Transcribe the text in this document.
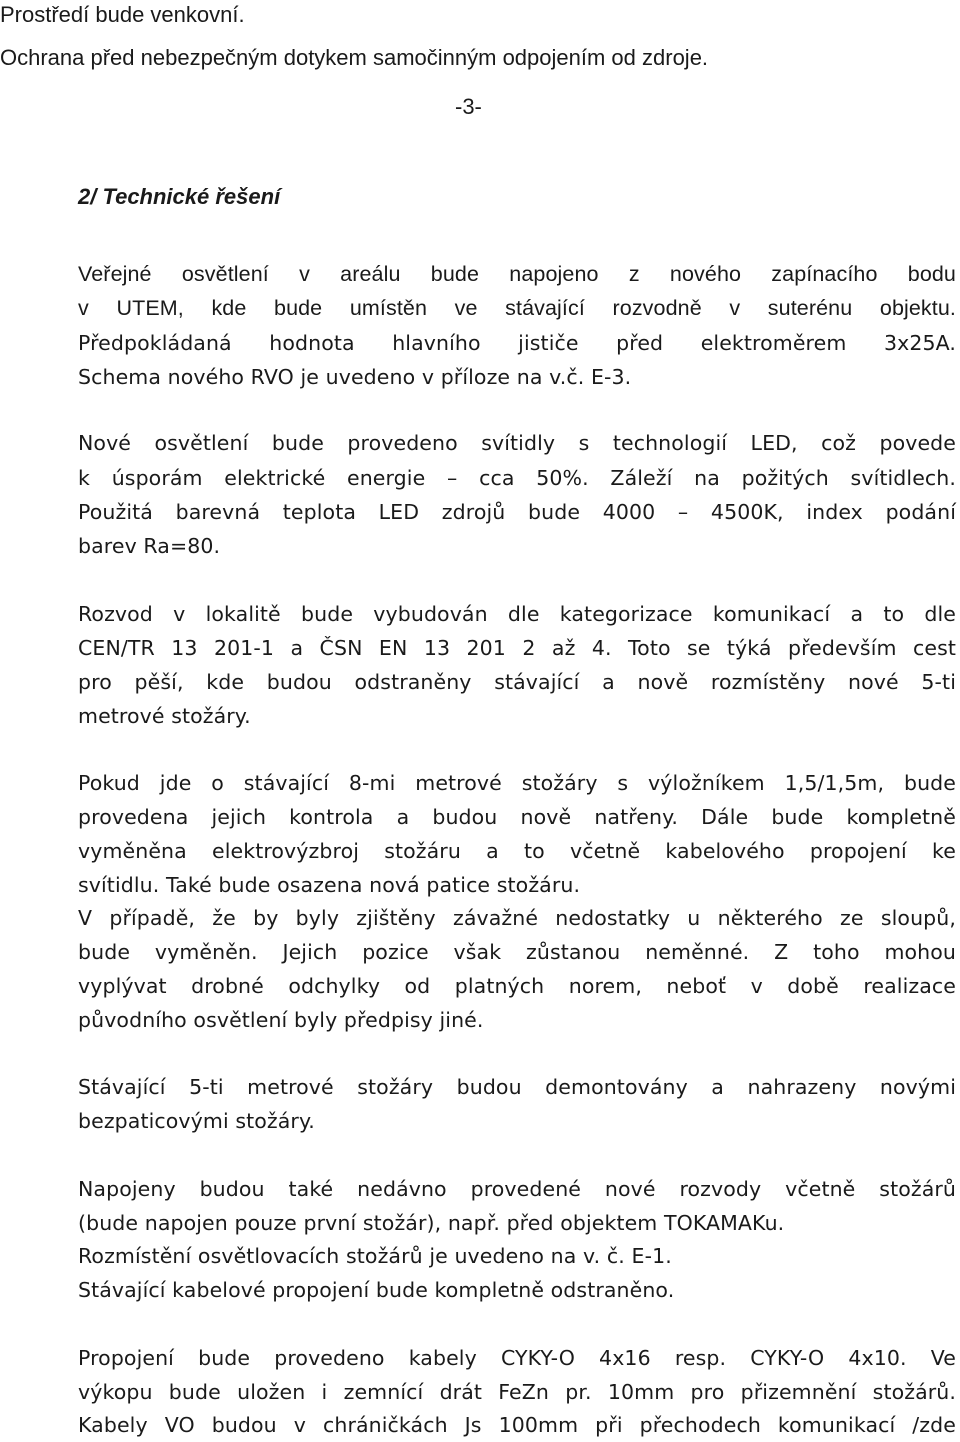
Prostředí bude venkovní.
Ochrana před nebezpečným dotykem samočinným odpojením od zdroje.
-3-
2/ Technické řešení
Veřejné osvětlení v areálu bude napojeno z nového zapínacího bodu
v UTEM, kde bude umístěn ve stávající rozvodně v suterénu objektu.
Předpokládaná hodnota hlavního jističe před elektroměrem 3x25A.
Schema nového RVO je uvedeno v příloze na v.č. E-3.
Nové osvětlení bude provedeno svítidly s technologií LED, což povede
k úsporám elektrické energie – cca 50%. Záleží na požitých svítidlech.
Použitá barevná teplota LED zdrojů bude 4000 – 4500K, index podání
barev Ra=80.
Rozvod v lokalitě bude vybudován dle kategorizace komunikací a to dle
CEN/TR 13 201-1 a ČSN EN 13 201 2 až 4. Toto se týká především cest
pro pěší, kde budou odstraněny stávající a nově rozmístěny nové 5-ti
metrové stožáry.
Pokud jde o stávající 8-mi metrové stožáry s výložníkem 1,5/1,5m, bude
provedena jejich kontrola a budou nově natřeny. Dále bude kompletně
vyměněna elektrovýzbroj stožáru a to včetně kabelového propojení ke
svítidlu. Také bude osazena nová patice stožáru.
V případě, že by byly zjištěny závažné nedostatky u některého ze sloupů,
bude vyměněn. Jejich pozice však zůstanou neměnné. Z toho mohou
vyplývat drobné odchylky od platných norem, neboť v době realizace
původního osvětlení byly předpisy jiné.
Stávající 5-ti metrové stožáry budou demontovány a nahrazeny novými
bezpaticovými stožáry.
Napojeny budou také nedávno provedené nové rozvody včetně stožárů
(bude napojen pouze první stožár), např. před objektem TOKAMAKu.
Rozmístění osvětlovacích stožárů je uvedeno na v. č. E-1.
Stávající kabelové propojení bude kompletně odstraněno.
Propojení bude provedeno kabely CYKY-O 4x16 resp. CYKY-O 4x10. Ve
výkopu bude uložen i zemnící drát FeZn pr. 10mm pro přizemnění stožárů.
Kabely VO budou v chráničkách Js 100mm při přechodech komunikací /zde
